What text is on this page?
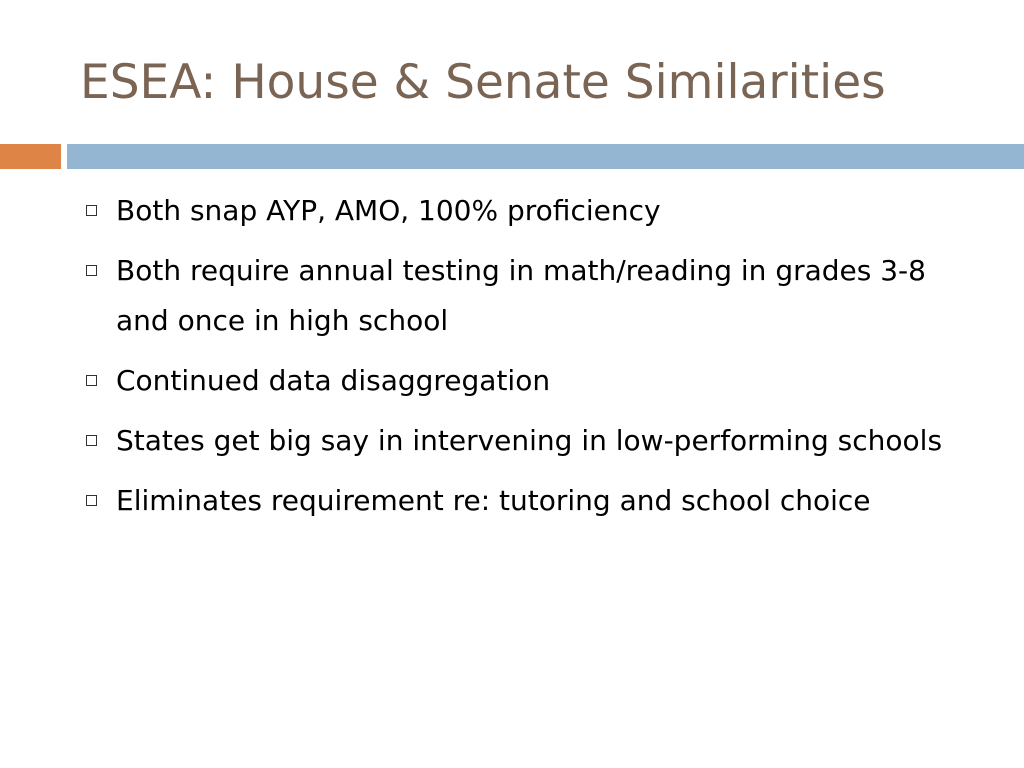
ESEA: House & Senate Similarities
Both snap AYP, AMO, 100% proficiency
Both require annual testing in math/reading in grades 3-8 and once in high school
Continued data disaggregation
States get big say in intervening in low-performing schools
Eliminates requirement re: tutoring and school choice
